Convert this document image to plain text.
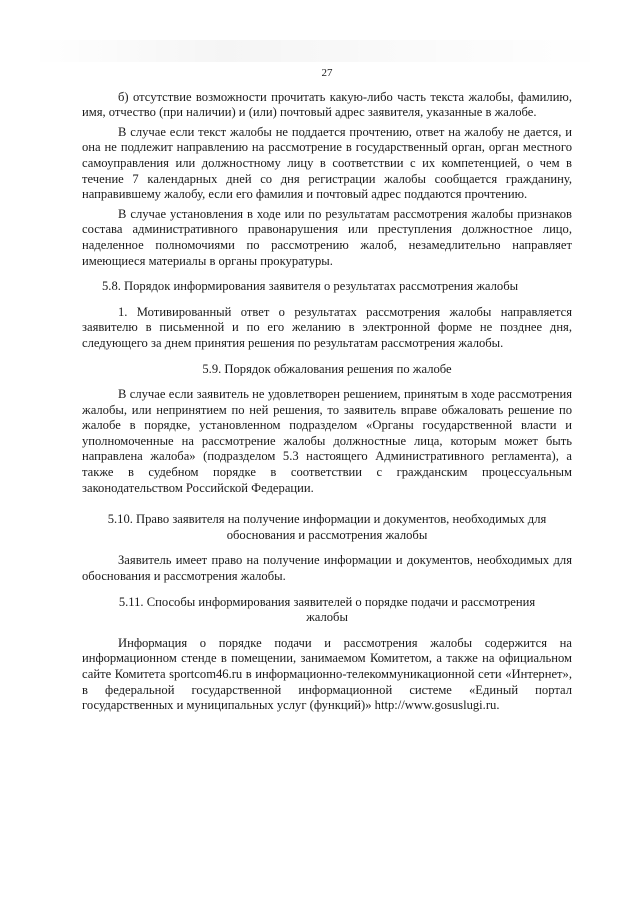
27

б) отсутствие возможности прочитать какую-либо часть текста жалобы, фамилию, имя, отчество (при наличии) и (или) почтовый адрес заявителя, указанные в жалобе.

В случае если текст жалобы не поддается прочтению, ответ на жалобу не дается, и она не подлежит направлению на рассмотрение в государственный орган, орган местного самоуправления или должностному лицу в соответствии с их компетенцией, о чем в течение 7 календарных дней со дня регистрации жалобы сообщается гражданину, направившему жалобу, если его фамилия и почтовый адрес поддаются прочтению.

В случае установления в ходе или по результатам рассмотрения жалобы признаков состава административного правонарушения или преступления должностное лицо, наделенное полномочиями по рассмотрению жалоб, незамедлительно направляет имеющиеся материалы в органы прокуратуры.

5.8. Порядок информирования заявителя о результатах рассмотрения жалобы

1. Мотивированный ответ о результатах рассмотрения жалобы направляется заявителю в письменной и по его желанию в электронной форме не позднее дня, следующего за днем принятия решения по результатам рассмотрения жалобы.

5.9. Порядок обжалования решения по жалобе

В случае если заявитель не удовлетворен решением, принятым в ходе рассмотрения жалобы, или непринятием по ней решения, то заявитель вправе обжаловать решение по жалобе в порядке, установленном подразделом «Органы государственной власти и уполномоченные на рассмотрение жалобы должностные лица, которым может быть направлена жалоба» (подразделом 5.3 настоящего Административного регламента), а также в судебном порядке в соответствии с гражданским процессуальным законодательством Российской Федерации.

5.10. Право заявителя на получение информации и документов, необходимых для обоснования и рассмотрения жалобы

Заявитель имеет право на получение информации и документов, необходимых для обоснования и рассмотрения жалобы.

5.11. Способы информирования заявителей о порядке подачи и рассмотрения жалобы

Информация о порядке подачи и рассмотрения жалобы содержится на информационном стенде в помещении, занимаемом Комитетом, а также на официальном сайте Комитета sportcom46.ru в информационно-телекоммуникационной сети «Интернет», в федеральной государственной информационной системе «Единый портал государственных и муниципальных услуг (функций)» http://www.gosuslugi.ru.
